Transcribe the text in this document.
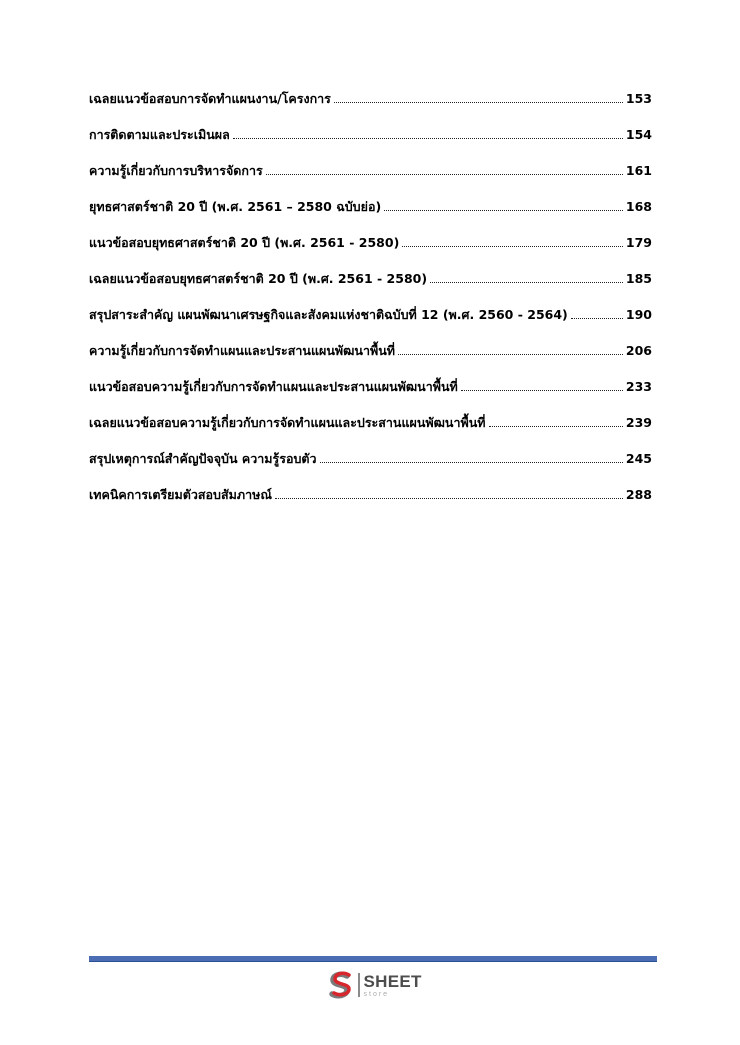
เฉลยแนวข้อสอบการจัดทำแผนงาน/โครงการ	153
การติดตามและประเมินผล	154
ความรู้เกี่ยวกับการบริหารจัดการ	161
ยุทธศาสตร์ชาติ 20 ปี (พ.ศ. 2561 – 2580 ฉบับย่อ)	168
แนวข้อสอบยุทธศาสตร์ชาติ 20 ปี (พ.ศ. 2561 - 2580)	179
เฉลยแนวข้อสอบยุทธศาสตร์ชาติ 20 ปี (พ.ศ. 2561 - 2580)	185
สรุปสาระสำคัญ แผนพัฒนาเศรษฐกิจและสังคมแห่งชาติฉบับที่ 12 (พ.ศ. 2560 - 2564)	190
ความรู้เกี่ยวกับการจัดทำแผนและประสานแผนพัฒนาพื้นที่	206
แนวข้อสอบความรู้เกี่ยวกับการจัดทำแผนและประสานแผนพัฒนาพื้นที่	233
เฉลยแนวข้อสอบความรู้เกี่ยวกับการจัดทำแผนและประสานแผนพัฒนาพื้นที่	239
สรุปเหตุการณ์สำคัญปัจจุบัน ความรู้รอบตัว	245
เทคนิคการเตรียมตัวสอบสัมภาษณ์	288
SHEET
store
